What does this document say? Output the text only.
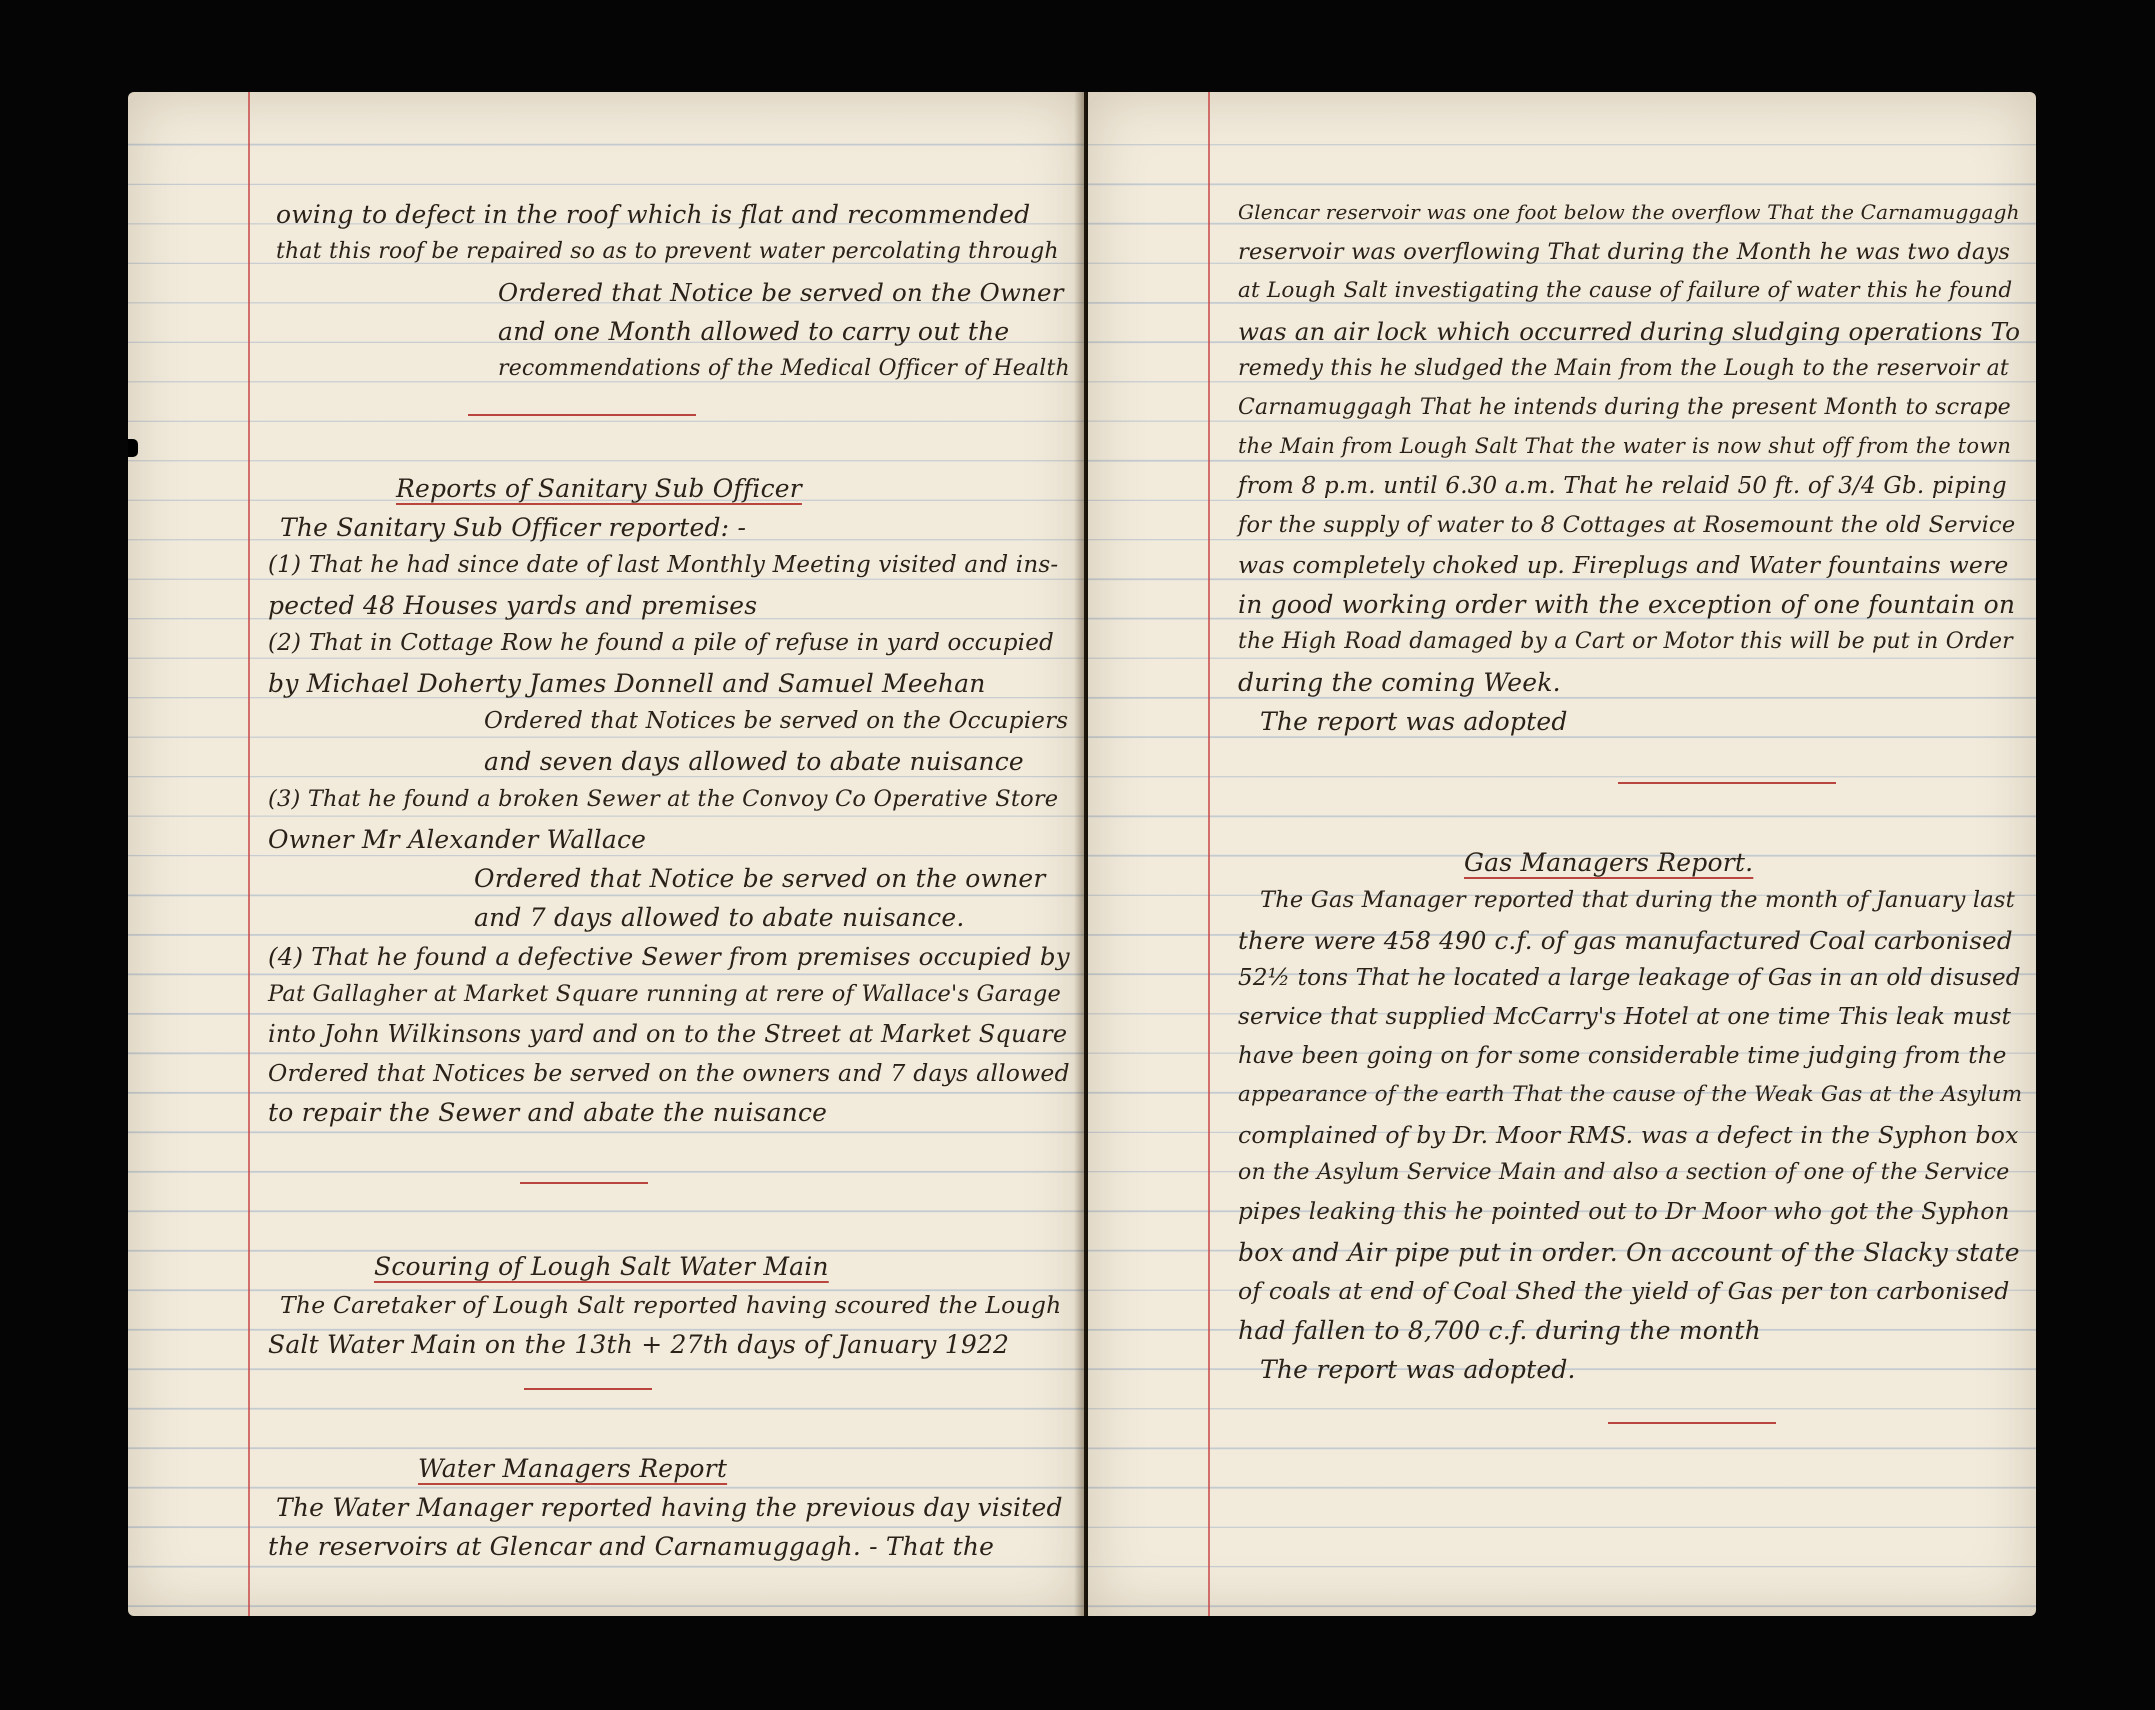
owing to defect in the roof which is flat and recommended

that this roof be repaired so as to prevent water percolating through

Ordered that Notice be served on the Owner

and one Month allowed to carry out the

recommendations of the Medical Officer of Health

Reports of Sanitary Sub Officer

The Sanitary Sub Officer reported: -

(1) That he had since date of last Monthly Meeting visited and ins-

pected 48 Houses yards and premises

(2) That in Cottage Row he found a pile of refuse in yard occupied

by Michael Doherty James Donnell and Samuel Meehan

Ordered that Notices be served on the Occupiers

and seven days allowed to abate nuisance

(3) That he found a broken Sewer at the Convoy Co Operative Store

Owner Mr Alexander Wallace

Ordered that Notice be served on the owner

and 7 days allowed to abate nuisance.

(4) That he found a defective Sewer from premises occupied by

Pat Gallagher at Market Square running at rere of Wallace's Garage

into John Wilkinsons yard and on to the Street at Market Square

Ordered that Notices be served on the owners and 7 days allowed

to repair the Sewer and abate the nuisance

Scouring of Lough Salt Water Main

The Caretaker of Lough Salt reported having scoured the Lough

Salt Water Main on the 13th + 27th days of January 1922

Water Managers Report

The Water Manager reported having the previous day visited

the reservoirs at Glencar and Carnamuggagh. - That the

Glencar reservoir was one foot below the overflow That the Carnamuggagh

reservoir was overflowing That during the Month he was two days

at Lough Salt investigating the cause of failure of water this he found

was an air lock which occurred during sludging operations To

remedy this he sludged the Main from the Lough to the reservoir at

Carnamuggagh That he intends during the present Month to scrape

the Main from Lough Salt That the water is now shut off from the town

from 8 p.m. until 6.30 a.m. That he relaid 50 ft. of 3/4 Gb. piping

for the supply of water to 8 Cottages at Rosemount the old Service

was completely choked up. Fireplugs and Water fountains were

in good working order with the exception of one fountain on

the High Road damaged by a Cart or Motor this will be put in Order

during the coming Week.

The report was adopted

Gas Managers Report.

The Gas Manager reported that during the month of January last

there were 458 490 c.f. of gas manufactured Coal carbonised

52½ tons That he located a large leakage of Gas in an old disused

service that supplied McCarry's Hotel at one time This leak must

have been going on for some considerable time judging from the

appearance of the earth That the cause of the Weak Gas at the Asylum

complained of by Dr. Moor RMS. was a defect in the Syphon box

on the Asylum Service Main and also a section of one of the Service

pipes leaking this he pointed out to Dr Moor who got the Syphon

box and Air pipe put in order. On account of the Slacky state

of coals at end of Coal Shed the yield of Gas per ton carbonised

had fallen to 8,700 c.f. during the month

The report was adopted.
